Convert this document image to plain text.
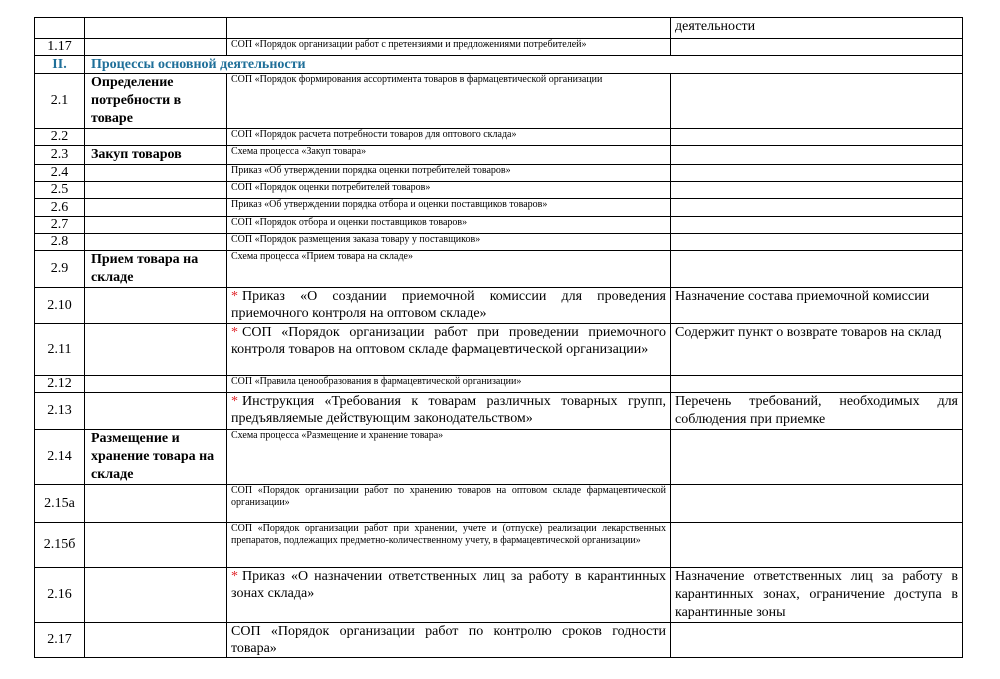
			деятельности
1.17		СОП «Порядок организации работ с претензиями и предложениями потребителей»	
II.	Процессы основной деятельности		
2.1	Определение потребности в товаре	СОП «Порядок формирования ассортимента товаров в фармацевтической организации	
2.2		СОП «Порядок расчета потребности товаров для оптового склада»	
2.3	Закуп товаров	Схема процесса «Закуп товара»	
2.4		Приказ «Об утверждении порядка оценки потребителей товаров»	
2.5		СОП «Порядок оценки потребителей товаров»	
2.6		Приказ «Об утверждении порядка отбора и оценки поставщиков товаров»	
2.7		СОП «Порядок отбора и оценки поставщиков товаров»	
2.8		СОП «Порядок размещения заказа товару у поставщиков»	
2.9	Прием товара на складе	Схема процесса «Прием товара на складе»	
2.10		* Приказ «О создании приемочной комиссии для проведения приемочного контроля на оптовом складе»	Назначение состава приемочной комиссии
2.11		* СОП «Порядок организации работ при проведении приемочного контроля товаров на оптовом складе фармацевтической организации»	Содержит пункт о возврате товаров на склад
2.12		СОП «Правила ценообразования в фармацевтической организации»	
2.13		* Инструкция «Требования к товарам различных товарных групп, предъявляемые действующим законодательством»	Перечень требований, необходимых для соблюдения при приемке
2.14	Размещение и хранение товара на складе	Схема процесса «Размещение и хранение товара»	
2.15а		СОП «Порядок организации работ по хранению товаров на оптовом складе фармацевтической организации»	
2.15б		СОП «Порядок организации работ при хранении, учете и (отпуске) реализации лекарственных препаратов, подлежащих предметно-количественному учету, в фармацевтической организации»	
2.16		* Приказ «О назначении ответственных лиц за работу в карантинных зонах склада»	Назначение ответственных лиц за работу в карантинных зонах, ограничение доступа в карантинные зоны
2.17		СОП «Порядок организации работ по контролю сроков годности товара»	
